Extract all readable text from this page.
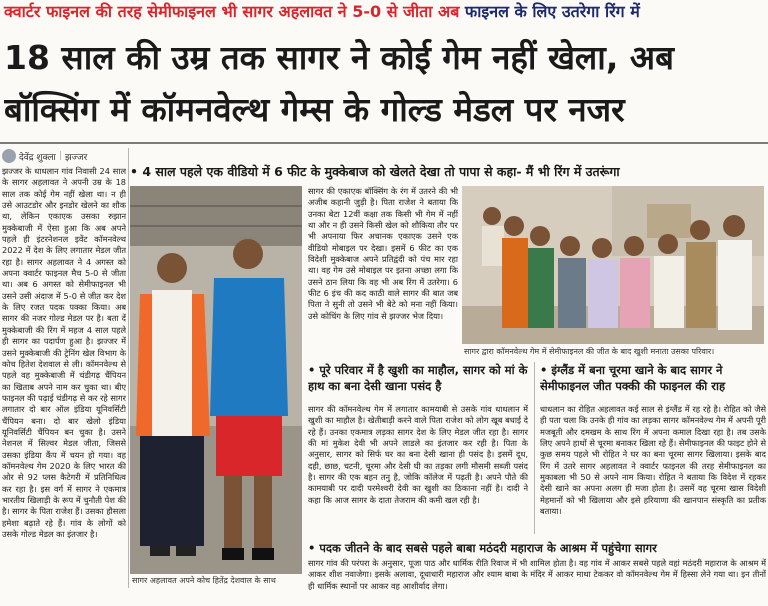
क्वार्टर फाइनल की तरह सेमीफाइनल भी सागर अहलावत ने 5-0 से जीता अब फाइनल के लिए उतरेगा रिंग में
18 साल की उम्र तक सागर ने कोई गेम नहीं खेला, अब
बॉक्सिंग में कॉमनवेल्थ गेम्स के गोल्ड मेडल पर नजर
देवेंद्र शुक्ला | झज्जर
झज्जर के धाधलान गांव निवासी 24 साल के सागर अहलावत ने अपनी उम्र के 18 साल तक कोई गेम नहीं खेला था। न ही उसे आउटडोर और इनडोर खेलने का शौक था, लेकिन एकाएक उसका रुझान मुक्केबाजी में ऐसा हुआ कि अब अपने पहले ही इंटरनेशनल इवेंट कॉमनवेल्थ 2022 में देश के लिए लगातार मेडल जीत रहा है। सागर अहलावत ने 4 अगस्त को अपना क्वार्टर फाइनल मैच 5-0 से जीता था। अब 6 अगस्त को सेमीफाइनल भी उसने उसी अंदाज में 5-0 से जीत कर देश के लिए रजत पदक पक्का किया। अब सागर की नजर गोल्ड मेडल पर है। बता दें मुक्केबाजी की रिंग में महज 4 साल पहले ही सागर का पदार्पण हुआ है। झज्जर में उसने मुक्केबाजी की ट्रेनिंग खेल विभाग के कोच हितेश देशवाल से ली। कॉमनवेल्थ से पहले वह मुक्केबाजी में चंडीगढ़ चैंपियन का खिताब अपने नाम कर चुका था। बीए फाइनल की पढ़ाई चंडीगढ़ से कर रहे सागर लगातार दो बार ऑल इंडिया यूनिवर्सिटी चैंपियन बना। दो बार खेलो इंडिया यूनिवर्सिटी चैंपियन बन चुका है। उसने नेशनल में सिल्वर मेडल जीता, जिससे उसका इंडिया कैंप में चयन हो गया। वह कॉमनवेल्थ गेम 2020 के लिए भारत की ओर से 92 प्लस कैटेगरी में प्रतिनिधित्व कर रहा है। इस वर्ग में सागर ने एकमात्र भारतीय खिलाड़ी के रूप में चुनौती पेश की है। सागर के पिता राजेश हैं। उसका हौसला हमेशा बढ़ाते रहे हैं। गांव के लोगों को उसके गोल्ड मेडल का इंतजार है।
• 4 साल पहले एक वीडियो में 6 फीट के मुक्केबाज को खेलते देखा तो पापा से कहा- मैं भी रिंग में उतरूंगा
सागर अहलावत अपने कोच हितेंद्र देशवाल के साथ
सागर की एकाएक बॉक्सिंग के रंग में उतरने की भी अजीब कहानी जुड़ी है। पिता राजेश ने बताया कि उनका बेटा 12वीं कक्षा तक किसी भी गेम में नहीं था और न ही उसने किसी खेल को शौकिया तौर पर भी अपनाया फिर अचानक एकाएक उसने एक वीडियो मोबाइल पर देखा। इसमें 6 फीट का एक विदेशी मुक्केबाज अपने प्रतिद्वंदी को पंच मार रहा था। वह गेम उसे मोबाइल पर इतना अच्छा लगा कि उसने ठान लिया कि वह भी अब रिंग में उतरेगा। 6 फीट 6 इंच की कद काठी वाले सागर की बात जब पिता ने सुनी तो उसने भी बेटे को मना नहीं किया। उसे कोचिंग के लिए गांव से झज्जर भेज दिया।
सागर द्वारा कॉमनवेल्थ गेम में सेमीफाइनल की जीत के बाद खुशी मनाता उसका परिवार।
• पूरे परिवार में है खुशी का माहौल, सागर को मां के हाथ का बना देसी खाना पसंद है
सागर की कॉमनवेल्थ गेम में लगातार कामयाबी से उसके गांव धाधलान में खुशी का माहौल है। खेतीबाड़ी करने वाले पिता राजेश को लोग खूब बधाई दे रहे हैं। उनका एकमात्र लड़का सागर देश के लिए मेडल जीत रहा है। सागर की मां मुकेश देवी भी अपने लाडले का इंतजार कर रही है। पिता के अनुसार, सागर को सिर्फ घर का बना देसी खाना ही पसंद है। इसमें दूध, दही, छाछ, चटनी, चूरमा और देसी घी का तड़का लगी मौसमी सब्जी पसंद है। सागर की एक बहन तनु है, जोकि कॉलेज में पढ़ती है। अपने पौते की कामयाबी पर दादी परमेश्वरी देवी का खुशी का ठिकाना नहीं है। दादी ने कहा कि आज सागर के दाता तेजराम की कमी खल रही है।
• इंग्लैंड में बना चूरमा खाने के बाद सागर ने सेमीफाइनल जीत पक्की की फाइनल की राह
धाधलान का रोहित अहलावत कई साल से इंग्लैंड में रह रहे है। रोहित को जैसे ही पता चला कि उनके ही गांव का लड़का सागर कॉमनवेल्थ गेम में अपनी पूरी मजबूती और दमखम के साथ रिंग में अपना कमाल दिखा रहा है। तब उसके लिए अपने हाथों से चूरमा बनाकर खिला रहे हैं। सेमीफाइनल की फाइट होने से कुछ समय पहले भी रोहित ने घर का बना चूरमा सागर खिलाया। इसके बाद रिंग में उतरे सागर अहलावत ने क्वार्टर फाइनल की तरह सेमीफाइनल का मुकाबला भी 50 से अपने नाम किया। रोहित ने बताया कि विदेश में रहकर देसी खाने का अपना अलग ही मजा होता है। उसमें वह चूरमा खास विदेशी मेहमानों को भी खिलाया और इसे हरियाणा की खानपान संस्कृति का प्रतीक बताया।
• पदक जीतने के बाद सबसे पहले बाबा मठंदरी महाराज के आश्रम में पहुंचेगा सागर
सागर गांव की परंपरा के अनुसार, पूजा पाठ और धार्मिक रीति रिवाज में भी शामिल होता है। वह गांव में आकर सबसे पहले वहां मठंदरी महाराज के आश्रम में आकर शीश नवाजेगा। इसके अलावा, दूधाधारी महाराज और श्याम बाबा के मंदिर में आकर माथा टेककर वो कॉमनवेल्थ गेम में हिस्सा लेने गया था। इन तीनों ही धार्मिक स्थानों पर आकर वह आशीर्वाद लेगा।
